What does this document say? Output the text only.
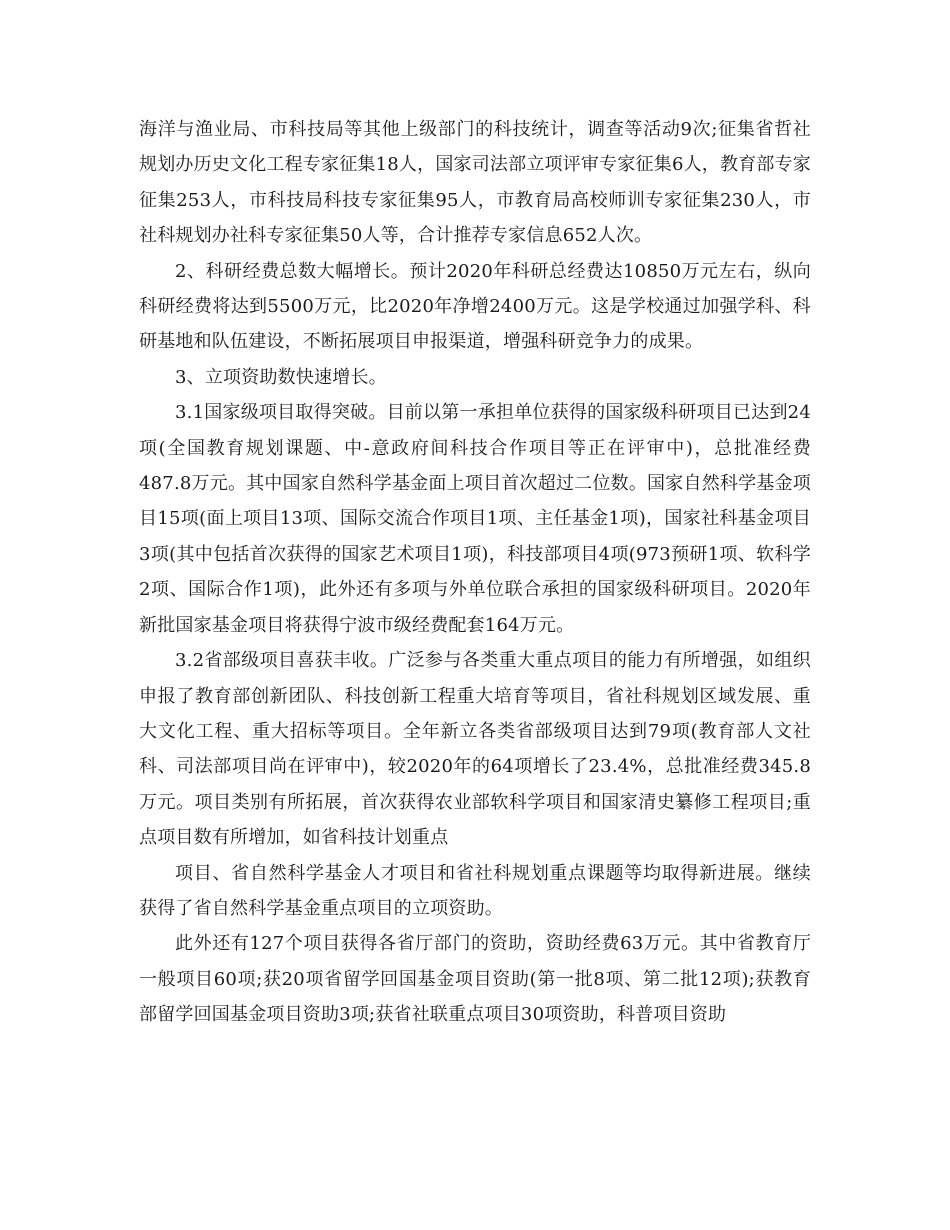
海洋与渔业局、市科技局等其他上级部门的科技统计，调查等活动9次;征集省哲社规划办历史文化工程专家征集18人，国家司法部立项评审专家征集6人，教育部专家征集253人，市科技局科技专家征集95人，市教育局高校师训专家征集230人，市社科规划办社科专家征集50人等，合计推荐专家信息652人次。

2、科研经费总数大幅增长。预计2020年科研总经费达10850万元左右，纵向科研经费将达到5500万元，比2020年净增2400万元。这是学校通过加强学科、科研基地和队伍建设，不断拓展项目申报渠道，增强科研竞争力的成果。

3、立项资助数快速增长。

3.1国家级项目取得突破。目前以第一承担单位获得的国家级科研项目已达到24项(全国教育规划课题、中-意政府间科技合作项目等正在评审中)，总批准经费487.8万元。其中国家自然科学基金面上项目首次超过二位数。国家自然科学基金项目15项(面上项目13项、国际交流合作项目1项、主任基金1项)，国家社科基金项目3项(其中包括首次获得的国家艺术项目1项)，科技部项目4项(973预研1项、软科学2项、国际合作1项)，此外还有多项与外单位联合承担的国家级科研项目。2020年新批国家基金项目将获得宁波市级经费配套164万元。

3.2省部级项目喜获丰收。广泛参与各类重大重点项目的能力有所增强，如组织申报了教育部创新团队、科技创新工程重大培育等项目，省社科规划区域发展、重大文化工程、重大招标等项目。全年新立各类省部级项目达到79项(教育部人文社科、司法部项目尚在评审中)，较2020年的64项增长了23.4%，总批准经费345.8万元。项目类别有所拓展，首次获得农业部软科学项目和国家清史纂修工程项目;重点项目数有所增加，如省科技计划重点

项目、省自然科学基金人才项目和省社科规划重点课题等均取得新进展。继续获得了省自然科学基金重点项目的立项资助。

此外还有127个项目获得各省厅部门的资助，资助经费63万元。其中省教育厅一般项目60项;获20项省留学回国基金项目资助(第一批8项、第二批12项);获教育部留学回国基金项目资助3项;获省社联重点项目30项资助，科普项目资助
